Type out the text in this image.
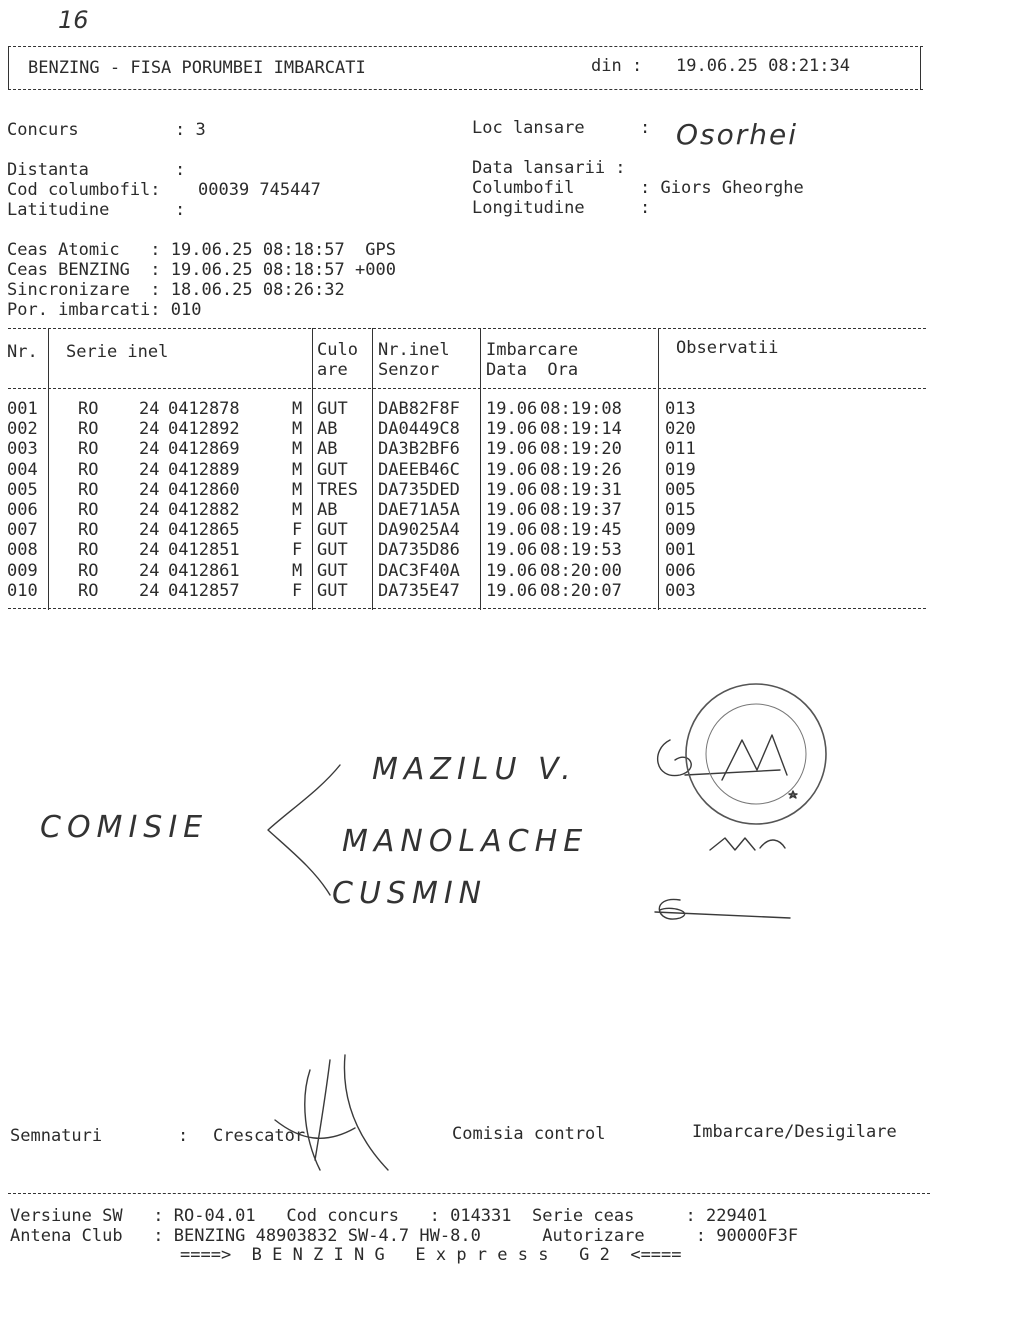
16
BENZING - FISA PORUMBEI IMBARCATI	din : 19.06.25 08:21:34
Concurs	: 3	Loc lansare	: Osorhei
Distanta	:	Data lansarii :
Cod columbofil: 00039 745447	Columbofil	: Giors Gheorghe
Latitudine	:	Longitudine	:
Ceas Atomic   : 19.06.25 08:18:57  GPS
Ceas BENZING  : 19.06.25 08:18:57 +000
Sincronizare  : 18.06.25 08:26:32
Por. imbarcati: 010
Nr. Serie inel	Culo
are
Nr.inel
Senzor
Imbarcare
Data  Ora
Observatii
001 RO 24 0412878	M GUT DAB82F8F 19.06 08:19:08	013
002 RO 24 0412892	M AB DA0449C8 19.06 08:19:14	020
003 RO 24 0412869	M AB DA3B2BF6 19.06 08:19:20	011
004 RO 24 0412889	M GUT DAEEB46C 19.06 08:19:26	019
005 RO 24 0412860	M TRES DA735DED 19.06 08:19:31	005
006 RO 24 0412882	M AB DAE71A5A 19.06 08:19:37	015
007 RO 24 0412865	F GUT DA9025A4 19.06 08:19:45	009
008 RO 24 0412851	F GUT DA735D86 19.06 08:19:53	001
009 RO 24 0412861	M GUT DAC3F40A 19.06 08:20:00	006
010 RO 24 0412857	F GUT DA735E47 19.06 08:20:07	003
COMISIE
MAZILU V.
MANOLACHE
CUSMIN
Semnaturi	: Crescator	Comisia control	Imbarcare/Desigilare
Versiune SW   : RO-04.01   Cod concurs   : 014331  Serie ceas     : 229401
Antena Club   : BENZING 48903832 SW-4.7 HW-8.0      Autorizare     : 90000F3F
====>  B E N Z I N G   E x p r e s s   G 2  <====
